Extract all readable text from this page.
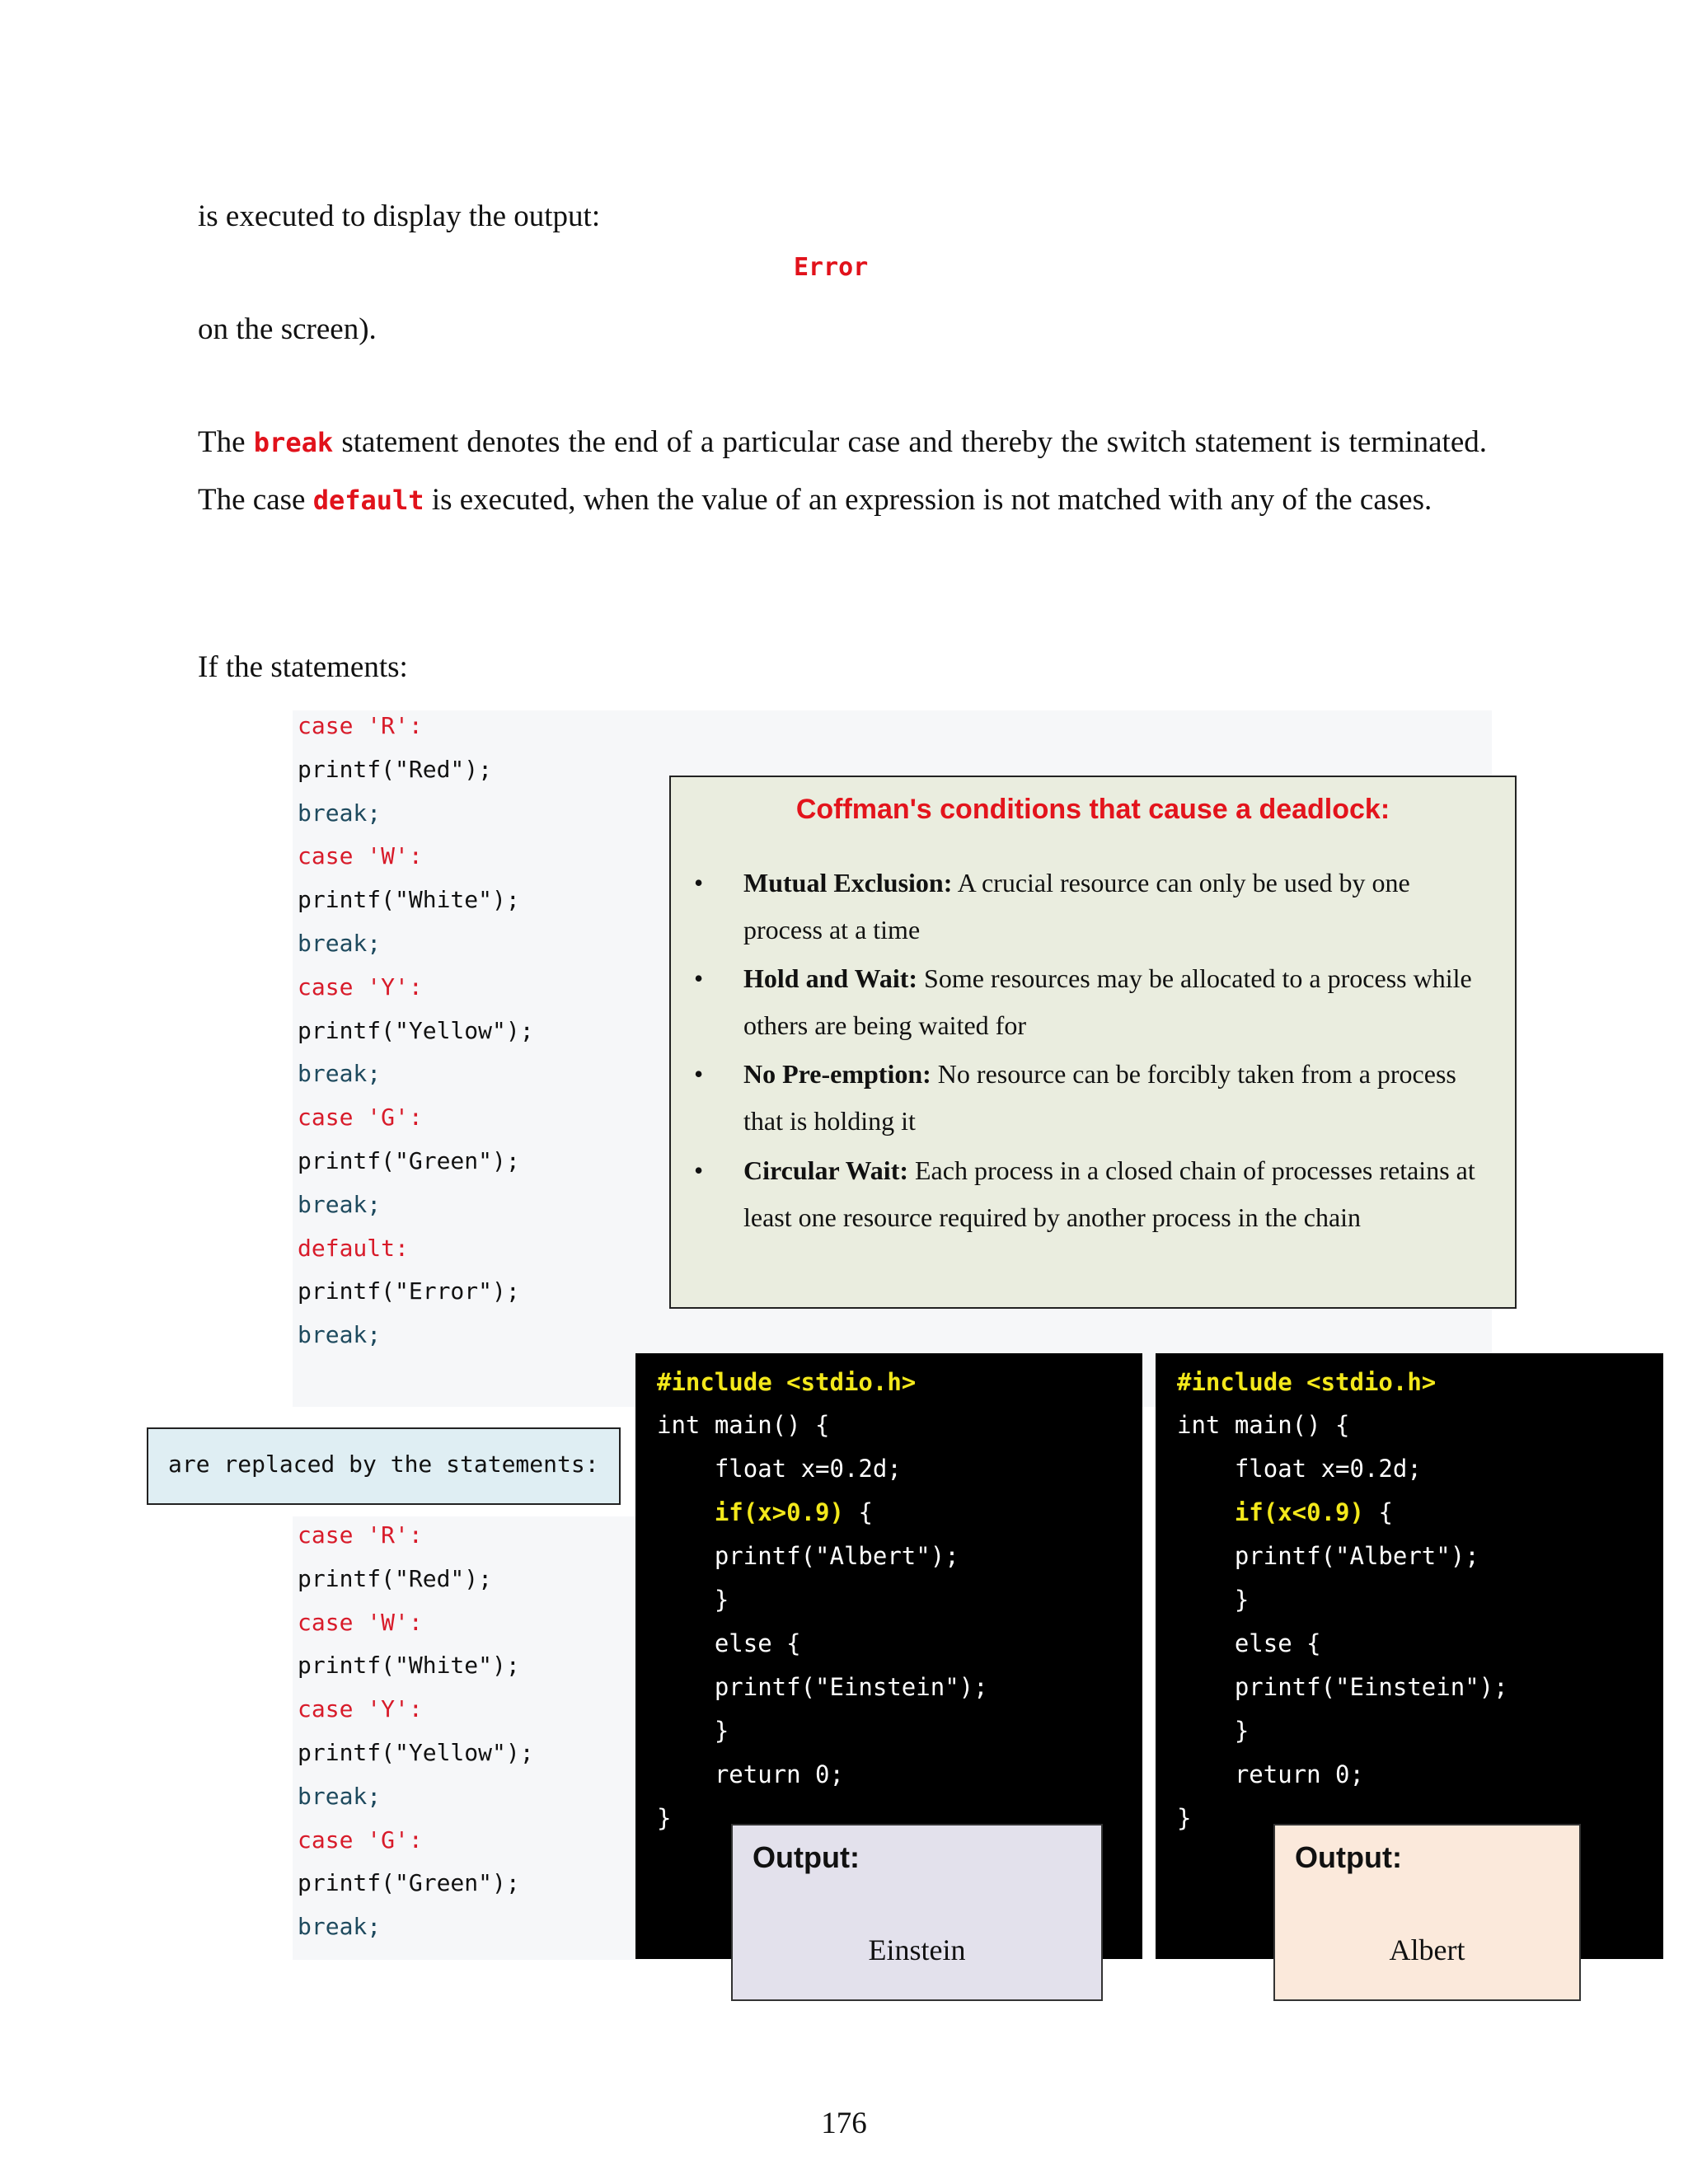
is executed to display the output:
Error
on the screen).
The break statement denotes the end of a particular case and thereby the switch statement is terminated. The case default is executed, when the value of an expression is not matched with any of the cases.
If the statements:
case 'R':
printf("Red");
break;
case 'W':
printf("White");
break;
case 'Y':
printf("Yellow");
break;
case 'G':
printf("Green");
break;
default:
printf("Error");
break;
Coffman's conditions that cause a deadlock:
• Mutual Exclusion: A crucial resource can only be used by one process at a time
• Hold and Wait: Some resources may be allocated to a process while others are being waited for
• No Pre-emption: No resource can be forcibly taken from a process that is holding it
• Circular Wait: Each process in a closed chain of processes retains at least one resource required by another process in the chain
are replaced by the statements:
case 'R':
printf("Red");
case 'W':
printf("White");
case 'Y':
printf("Yellow");
break;
case 'G':
printf("Green");
break;
#include <stdio.h>
int main() {
float x=0.2d;
if(x>0.9) {
printf("Albert");
}
else {
printf("Einstein");
}
return 0;
}
Output:
Einstein
#include <stdio.h>
int main() {
float x=0.2d;
if(x<0.9) {
printf("Albert");
}
else {
printf("Einstein");
}
return 0;
}
Output:
Albert
176
